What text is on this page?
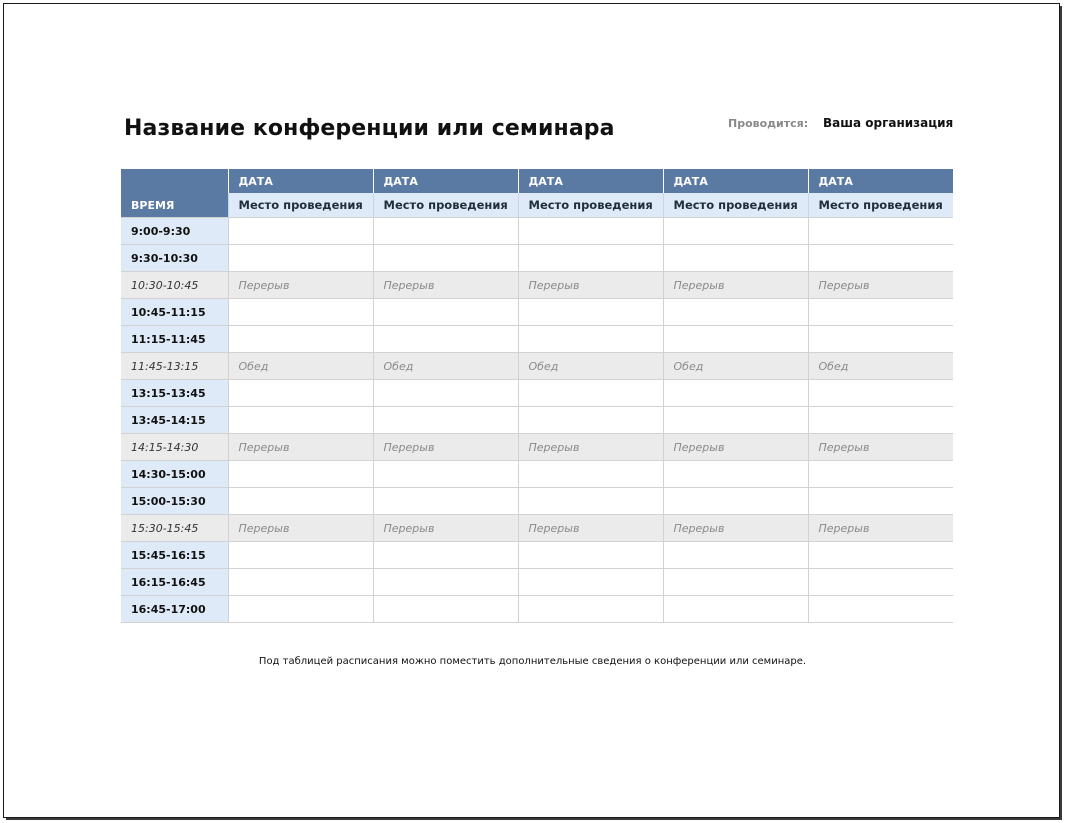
Название конференции или семинара	Проводится: Ваша организация
	ДАТА	ДАТА	ДАТА	ДАТА	ДАТА
ВРЕМЯ	Место проведения	Место проведения	Место проведения	Место проведения	Место проведения
9:00-9:30					
9:30-10:30					
10:30-10:45	Перерыв	Перерыв	Перерыв	Перерыв	Перерыв
10:45-11:15					
11:15-11:45					
11:45-13:15	Обед	Обед	Обед	Обед	Обед
13:15-13:45					
13:45-14:15					
14:15-14:30	Перерыв	Перерыв	Перерыв	Перерыв	Перерыв
14:30-15:00					
15:00-15:30					
15:30-15:45	Перерыв	Перерыв	Перерыв	Перерыв	Перерыв
15:45-16:15					
16:15-16:45					
16:45-17:00					
Под таблицей расписания можно поместить дополнительные сведения о конференции или семинаре.
